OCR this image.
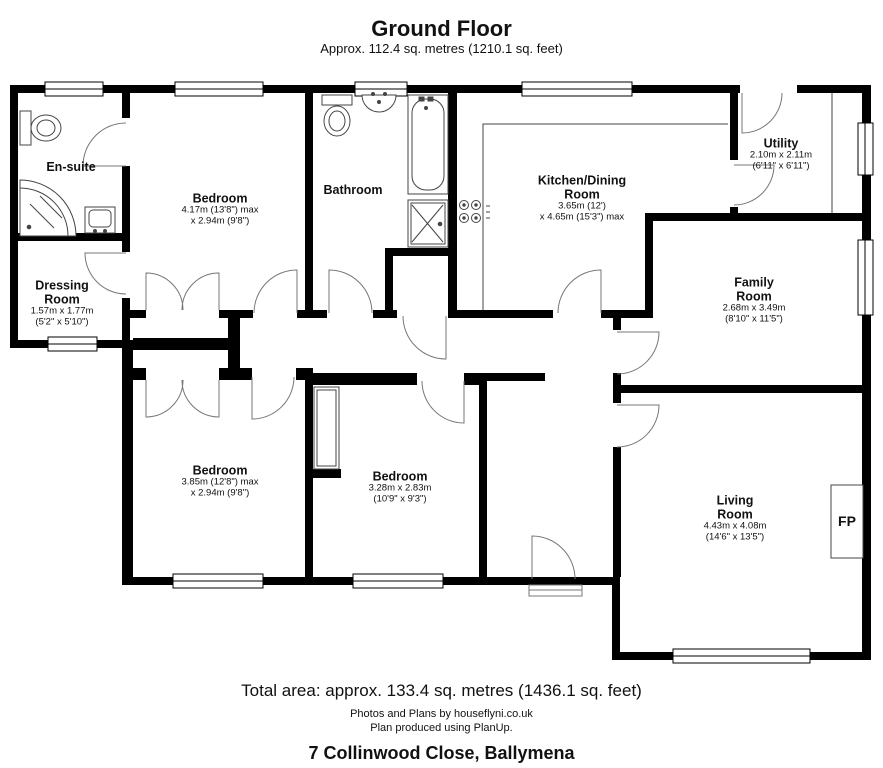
Ground Floor
Approx. 112.4 sq. metres (1210.1 sq. feet)
En-suite
Dressing
Room
1.57m x 1.77m
(5'2" x 5'10")
Bedroom
4.17m (13'8") max
x 2.94m (9'8")
Bathroom
Kitchen/Dining
Room
3.65m (12')
x 4.65m (15'3") max
Utility
2.10m x 2.11m
(6'11" x 6'11")
Family
Room
2.68m x 3.49m
(8'10" x 11'5")
Bedroom
3.85m (12'8") max
x 2.94m (9'8")
Bedroom
3.28m x 2.83m
(10'9" x 9'3")	Living
Room
4.43m x 4.08m
(14'6" x 13'5")
FP
Total area: approx. 133.4 sq. metres (1436.1 sq. feet)
Photos and Plans by houseflyni.co.uk
Plan produced using PlanUp.
7 Collinwood Close, Ballymena
